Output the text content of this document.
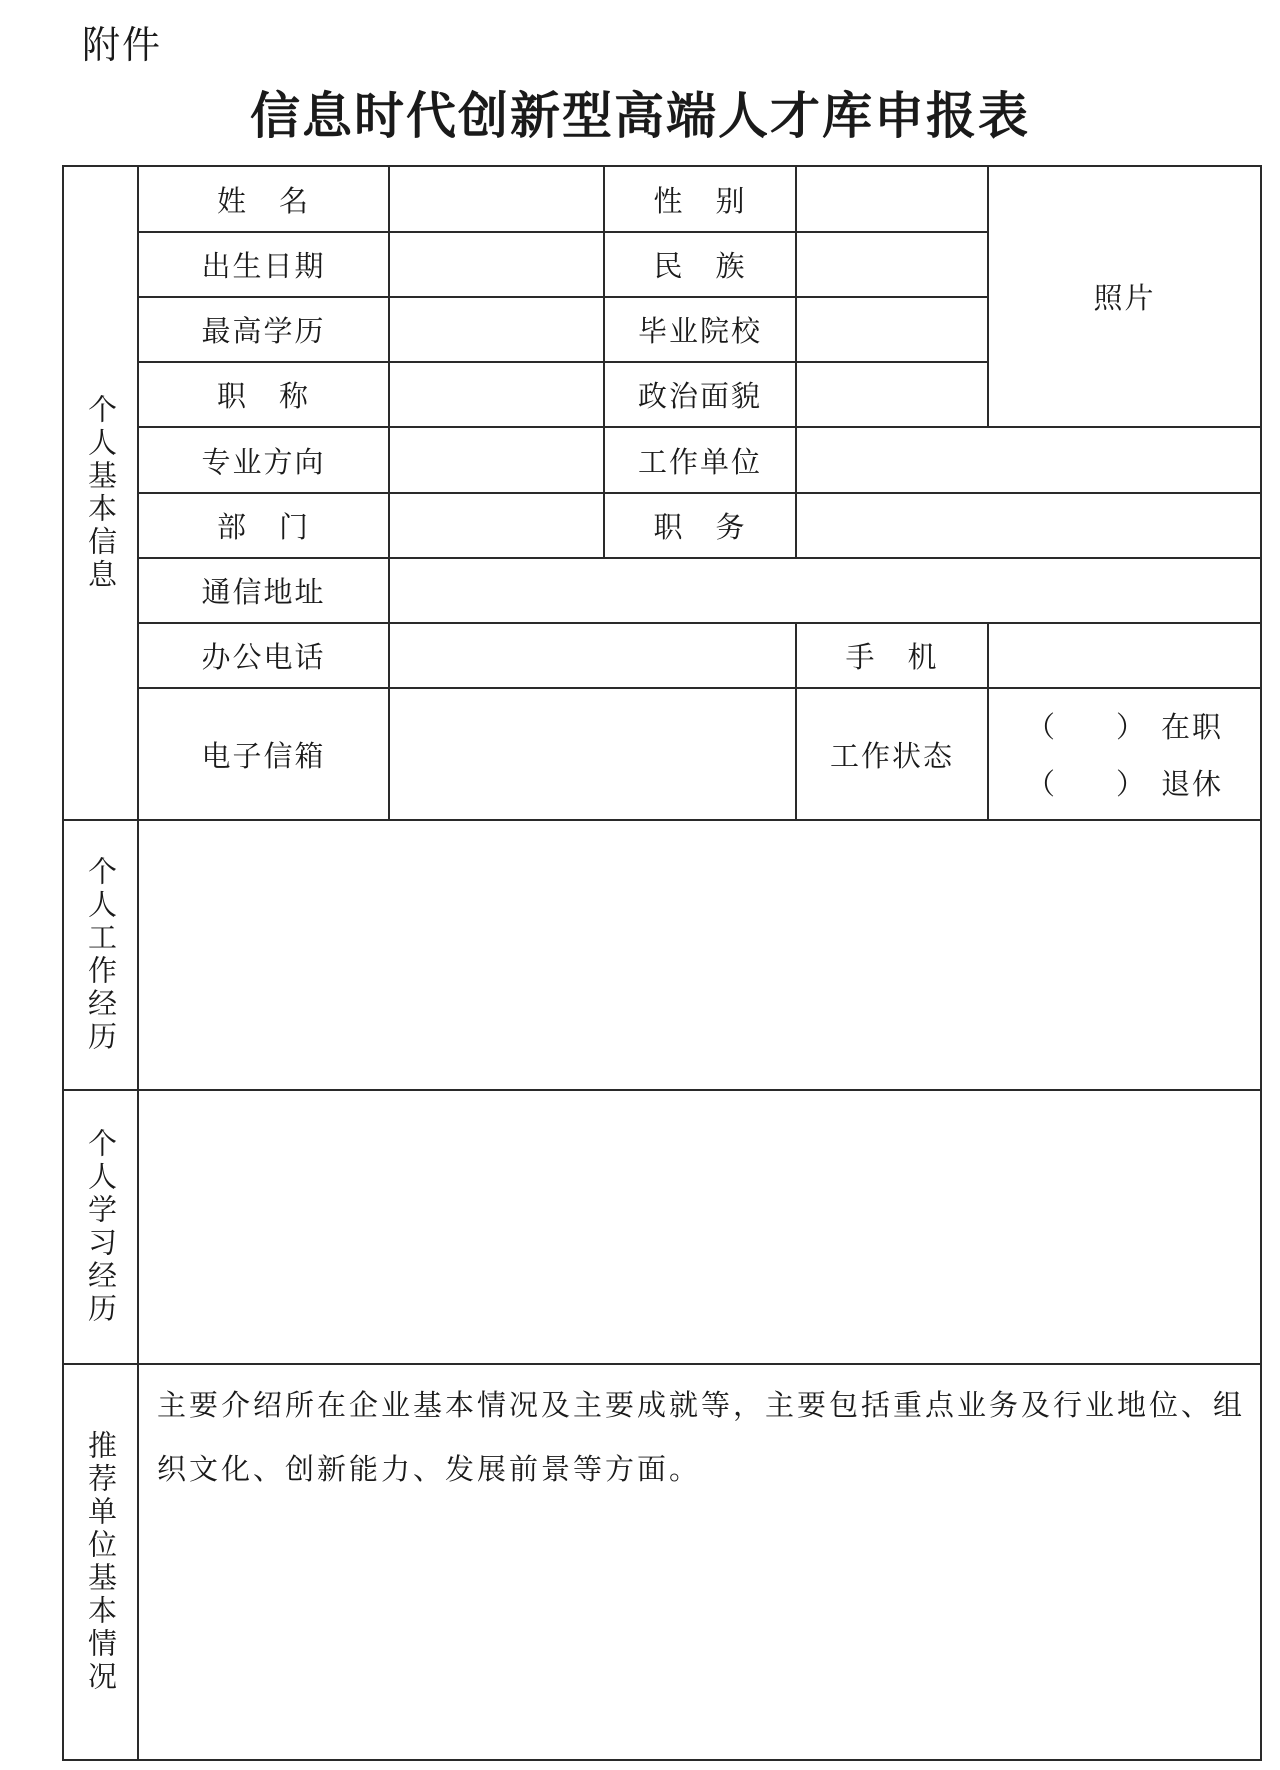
附件
信息时代创新型高端人才库申报表
个人基本信息
姓　名	性　别
照片
出生日期	民　族
最高学历	毕业院校
职　称	政治面貌
专业方向	工作单位
部　门	职　务
通信地址
办公电话	手　机
电子信箱	工作状态
（　）在职
（　）退休
个人工作经历
个人学习经历
推荐单位基本情况
主要介绍所在企业基本情况及主要成就等，主要包括重点业务及行业地位、组织文化、创新能力、发展前景等方面。
